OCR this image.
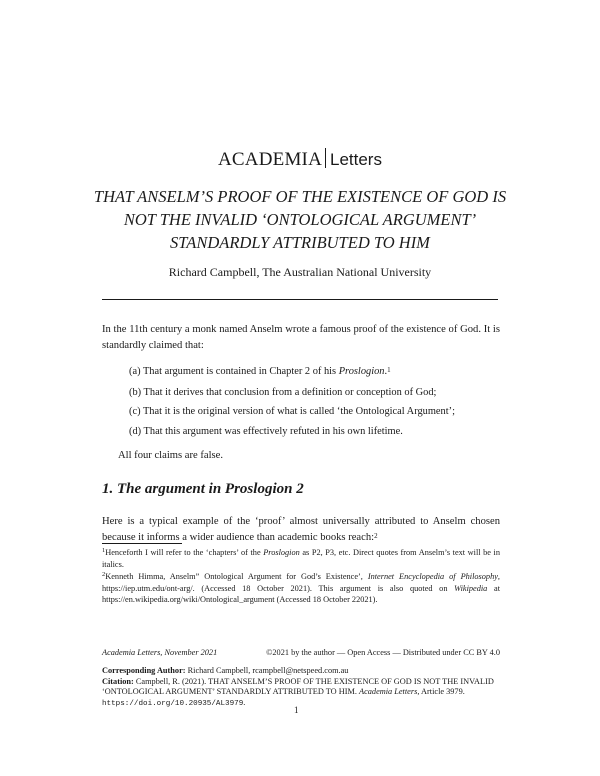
ACADEMIA Letters
THAT ANSELM’S PROOF OF THE EXISTENCE OF GOD IS NOT THE INVALID ‘ONTOLOGICAL ARGUMENT’ STANDARDLY ATTRIBUTED TO HIM
Richard Campbell, The Australian National University
In the 11th century a monk named Anselm wrote a famous proof of the existence of God. It is standardly claimed that:
(a) That argument is contained in Chapter 2 of his Proslogion.$^1$
(b) That it derives that conclusion from a definition or conception of God;
(c) That it is the original version of what is called ‘the Ontological Argument’;
(d) That this argument was effectively refuted in his own lifetime.
All four claims are false.
1. The argument in Proslogion 2
Here is a typical example of the ‘proof’ almost universally attributed to Anselm chosen because it informs a wider audience than academic books reach:$^2$
$^1$Henceforth I will refer to the ‘chapters’ of the Proslogion as P2, P3, etc. Direct quotes from Anselm’s text will be in italics.
$^2$Kenneth Himma, Anselm” Ontological Argument for God’s Existence’, Internet Encyclopedia of Philosophy, https://iep.utm.edu/ont-arg/. (Accessed 18 October 2021). This argument is also quoted on Wikipedia at https://en.wikipedia.org/wiki/Ontological_argument (Accessed 18 October 22021).
Academia Letters, November 2021	©2021 by the author — Open Access — Distributed under CC BY 4.0
Corresponding Author: Richard Campbell, rcampbell@netspeed.com.au
Citation: Campbell, R. (2021). THAT ANSELM’S PROOF OF THE EXISTENCE OF GOD IS NOT THE INVALID ‘ONTOLOGICAL ARGUMENT’ STANDARDLY ATTRIBUTED TO HIM. Academia Letters, Article 3979. https://doi.org/10.20935/AL3979.
1
